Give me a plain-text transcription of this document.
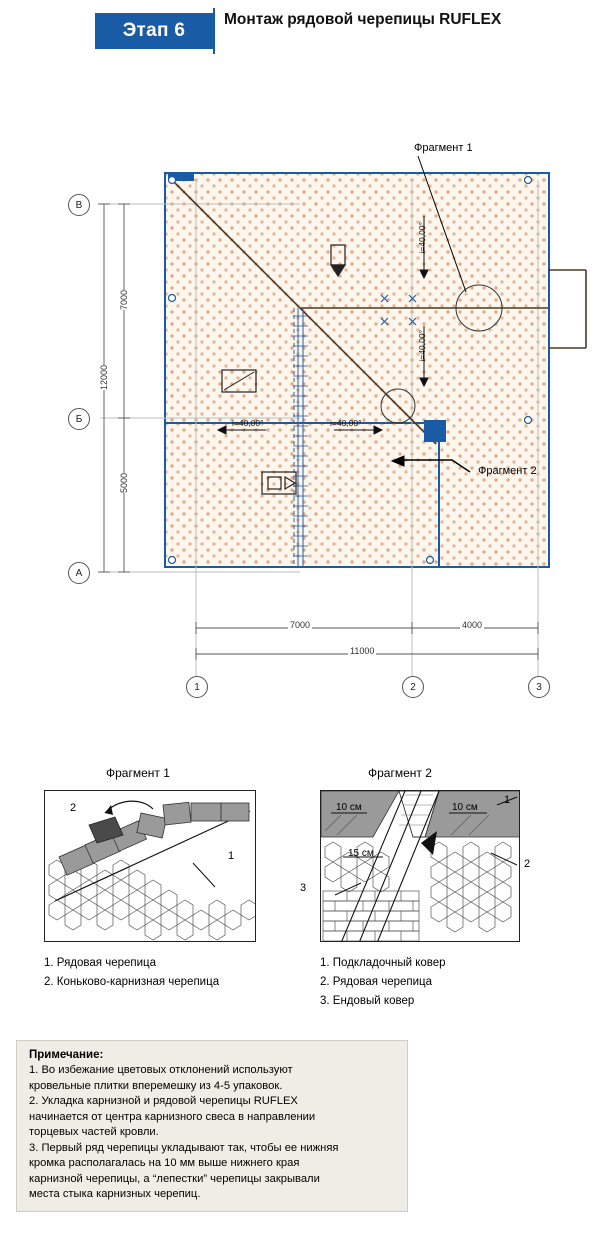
Этап 6
Монтаж рядовой черепицы RUFLEX
Фрагмент 1
Фрагмент 2
i=40,00°
i=40,00°
i=40,00°	i=40,00°
7000
12000
5000
7000	4000
11000
В
Б
А
1	2	3
Фрагмент 1
2
1
1. Рядовая черепица
2. Коньково-карнизная черепица
Фрагмент 2
10 см	10 см
15 см
1
2
3
1. Подкладочный ковер
2. Рядовая черепица
3. Ендовый ковер
Примечание:
1. Во избежание цветовых отклонений используют
кровельные плитки вперемешку из 4-5 упаковок.
2. Укладка карнизной и рядовой черепицы RUFLEX
начинается от центра карнизного свеса в направлении
торцевых частей кровли.
3. Первый ряд черепицы укладывают так, чтобы ее нижняя
кромка располагалась на 10 мм выше нижнего края
карнизной черепицы, а “лепестки” черепицы закрывали
места стыка карнизных черепиц.
